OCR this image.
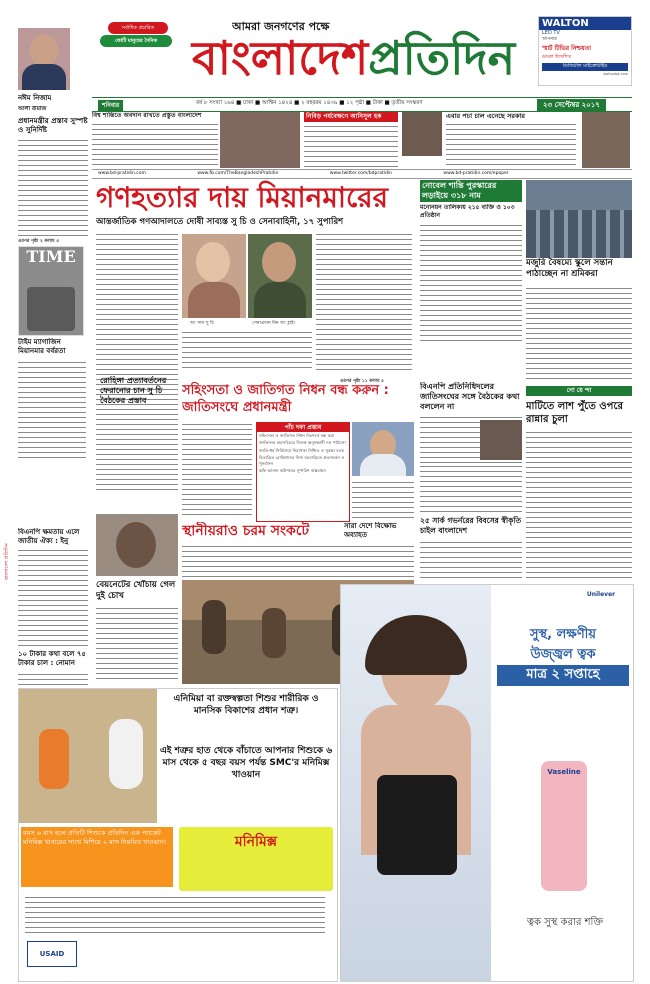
সর্বাধিক প্রচারিত
কোটি মানুষের দৈনিক
আমরা জনগণের পক্ষে
বাংলাদেশপ্রতিদিন
WALTON
LED TV
আপনার
স্মার্ট টিভির নিশ্চয়তা
ডাবল ঈদেশিত
ডিজিটাল মাইক্রোটাইম
waltonbd.com
নঈম নিজাম
শনিবার	বর্ষ ৮ সংখ্যা ১৬৪ ■ ঢাকা ■ আশ্বিন ১৪২৪ ■ ২ মহররম ১৪৩৯ ■ ১২ পৃষ্ঠা ■ টাকা ■ তৃতীয় সংস্করণ	২৩ সেপ্টেম্বর ২০১৭
বিশ্ব শান্তিতে অবদান রাখতে প্রস্তুত বাংলাদেশ	নিবিড় পর্যবেক্ষণে আনিসুল হক	এবার পচা চাল এনেছে সরকার
www.bd-pratidin.com	www.fb.com/TheBangladeshPratidin	www.twitter.com/bdpratidin	www.bd-pratidin.com/epaper
আলী রীয়াজ
প্রধানমন্ত্রীর প্রস্তাব সুস্পষ্ট ও সুনির্দিষ্ট
এরপর পৃষ্ঠা ২ কলাম ৫
TIME
টাইম ম্যাগাজিন মিয়ানমার বর্বরতা
বাংলাদেশ প্রতিদিন
বিএনপি ক্ষমতায় এলে জাতীয় ঐক্য : ইনু
১০ টাকার কথা বলে ৭৫ টাকার চাল : নোমান
গণহত্যার দায় মিয়ানমারের
আন্তর্জাতিক গণআদালতে দোষী সাব্যস্ত সু চি ও সেনাবাহিনী, ১৭ সুপারিশ
অং সান সু চি	সেনাপ্রধান মিন অং হ্লাইং
এরপর পৃষ্ঠা ১১ কলাম ৫
রোহিঙ্গা প্রত্যাবর্তনের ফেরানোর চান সু চি বৈঠকের প্রস্তাব
সহিংসতা ও জাতিগত নিধন বন্ধ করুন : জাতিসংঘে প্রধানমন্ত্রী
পাঁচ দফা প্রস্তাব
সহিংসতা ও জাতিগত নিধন নিঃশর্তে বন্ধ করা
জাতিসংঘ মহাসচিবের নিজস্ব অনুসন্ধানী দল পাঠানো
জাতি-ধর্ম নির্বিশেষে নিরাপত্তা নিশ্চিত ও সুরক্ষা বলয়
বিতাড়িত রোহিঙ্গাদের নিজ ঘরবাড়িতে প্রত্যাবর্তন ও পুনর্বাসন
কফি আনান কমিশনের সুপারিশ বাস্তবায়ন
স্থানীয়রাও চরম সংকটে
বেয়নেটের খোঁচায় গেল দুই চোখ
নোবেল শান্তি পুরস্কারের লড়াইয়ে ৩১৮ নাম
মনোনয়ন তালিকায় ২১৫ ব্যক্তি ও ১০৩ প্রতিষ্ঠান
মজুরি বৈষম্যে স্কুলে সন্তান পাঠাচ্ছেন না শ্রমিকরা
বিএনপি প্রতিনিধিদলের জাতিসংঘের সঙ্গে বৈঠকের কথা বললেন না
গো য়ে ন্দা
মাটিতে লাশ পুঁতে ওপরে রান্নার চুলা
সারা দেশে বিক্ষোভ অব্যাহত
২৫ সার্ক গভর্নরের বিবসের স্বীকৃতি চাইল বাংলাদেশ
এনিমিয়া বা রক্তস্বল্পতা শিশুর শারীরিক ও মানসিক বিকাশের প্রধান শত্রু।
এই শত্রুর হাত থেকে বাঁচাতে আপনার শিশুকে ৬ মাস থেকে ৫ বছর বয়স পর্যন্ত SMC'র মনিমিক্স খাওয়ান
বয়স ৬ মাস হলে প্রতিটি শিশুকে প্রতিদিন এক প্যাকেট মনিমিক্স খাবারের সাথে মিশিয়ে ২ মাস নিয়মিত খাওয়ান।	মনিমিক্স
USAID
Unilever
সুস্থ, লক্ষণীয়
উজ্জ্বল ত্বক
মাত্র ২ সপ্তাহে
Vaseline
ত্বক সুস্থ করার শক্তি
